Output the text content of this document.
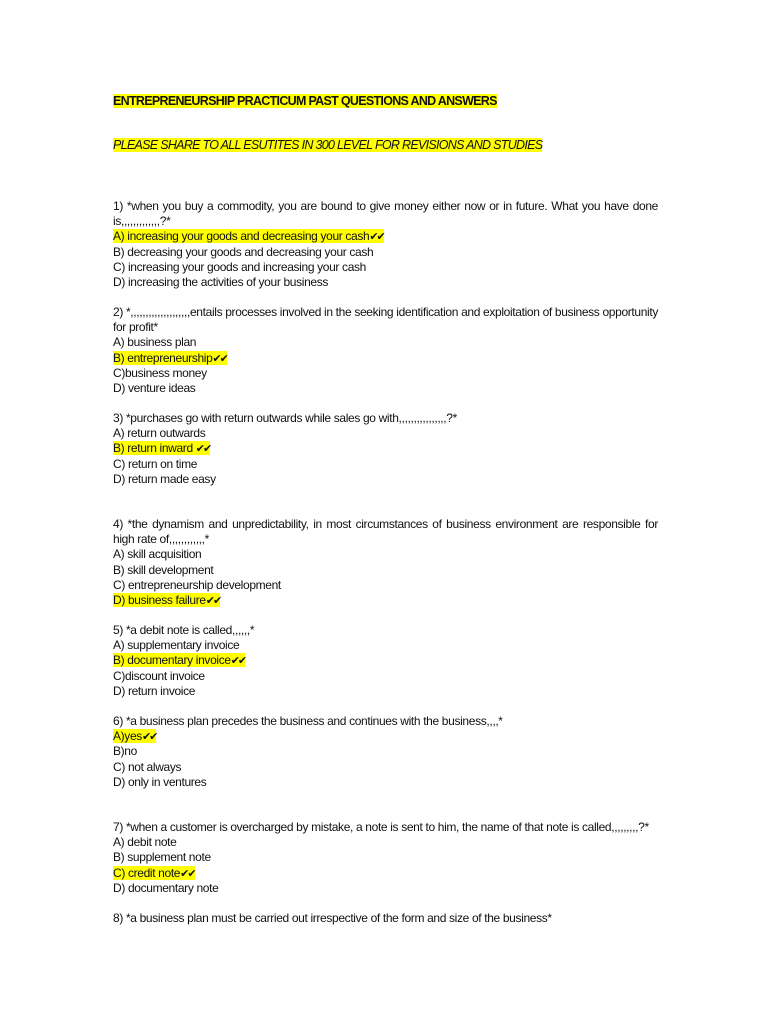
ENTREPRENEURSHIP PRACTICUM PAST QUESTIONS AND ANSWERS
PLEASE SHARE TO ALL ESUTITES IN 300 LEVEL FOR REVISIONS AND STUDIES
1) *when you buy a commodity, you are bound to give money either now or in future. What you have done is,,,,,,,,,,,,,?*
A) increasing your goods and decreasing your cash✔✔
B) decreasing your goods and decreasing your cash
C) increasing your goods and increasing your cash
D) increasing the activities of your business
2) *,,,,,,,,,,,,,,,,,,,,entails processes involved in the seeking identification and exploitation of business opportunity for profit*
A) business plan
B) entrepreneurship✔✔
C)business money
D) venture ideas
3) *purchases go with return outwards while sales go with,,,,,,,,,,,,,,,,?*
A) return outwards
B) return inward ✔✔
C) return on time
D) return made easy
4) *the dynamism and unpredictability, in most circumstances of business environment are responsible for high rate of,,,,,,,,,,,,*
A) skill acquisition
B) skill development
C) entrepreneurship development
D) business failure✔✔
5) *a debit note is called,,,,,,*
A) supplementary invoice
B) documentary invoice✔✔
C)discount invoice
D) return invoice
6) *a business plan precedes the business and continues with the business,,,,*
A)yes✔✔
B)no
C) not always
D) only in ventures
7) *when a customer is overcharged by mistake, a note is sent to him, the name of that note is called,,,,,,,,,?*
A) debit note
B) supplement note
C) credit note✔✔
D) documentary note
8) *a business plan must be carried out irrespective of the form and size of the business*
